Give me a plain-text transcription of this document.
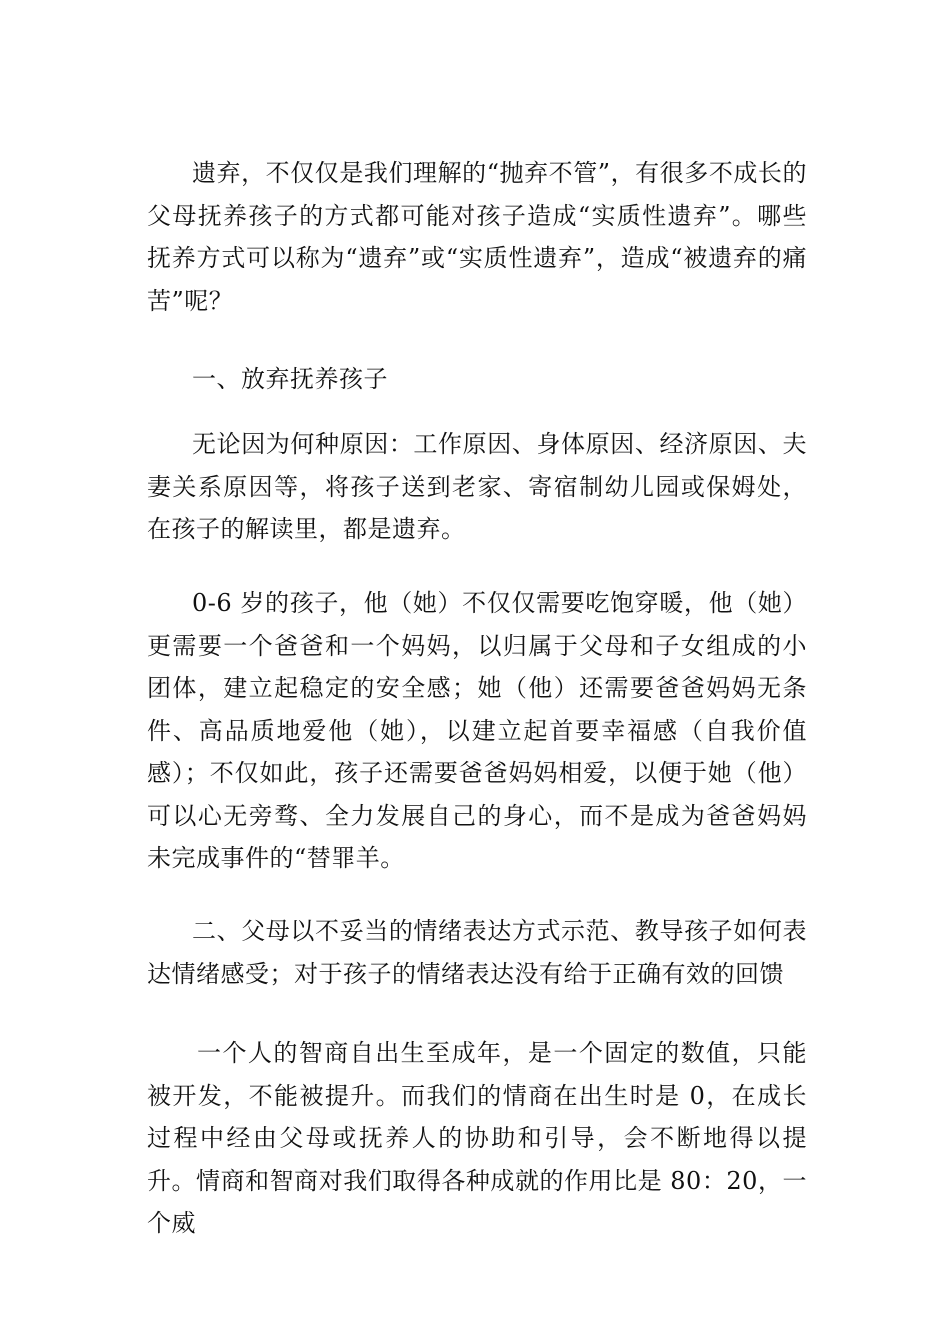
遗弃，不仅仅是我们理解的“抛弃不管”，有很多不成长的父母抚养孩子的方式都可能对孩子造成“实质性遗弃”。哪些抚养方式可以称为“遗弃”或“实质性遗弃”，造成“被遗弃的痛苦”呢？

一、放弃抚养孩子

无论因为何种原因：工作原因、身体原因、经济原因、夫妻关系原因等，将孩子送到老家、寄宿制幼儿园或保姆处，在孩子的解读里，都是遗弃。

0-6 岁的孩子，他（她）不仅仅需要吃饱穿暖，他（她）更需要一个爸爸和一个妈妈，以归属于父母和子女组成的小团体，建立起稳定的安全感；她（他）还需要爸爸妈妈无条件、高品质地爱他（她），以建立起首要幸福感（自我价值感）；不仅如此，孩子还需要爸爸妈妈相爱，以便于她（他）可以心无旁骛、全力发展自己的身心，而不是成为爸爸妈妈未完成事件的“替罪羊。

二、父母以不妥当的情绪表达方式示范、教导孩子如何表达情绪感受；对于孩子的情绪表达没有给于正确有效的回馈

一个人的智商自出生至成年，是一个固定的数值，只能被开发，不能被提升。而我们的情商在出生时是 0，在成长过程中经由父母或抚养人的协助和引导，会不断地得以提升。情商和智商对我们取得各种成就的作用比是 80：20，一个威
